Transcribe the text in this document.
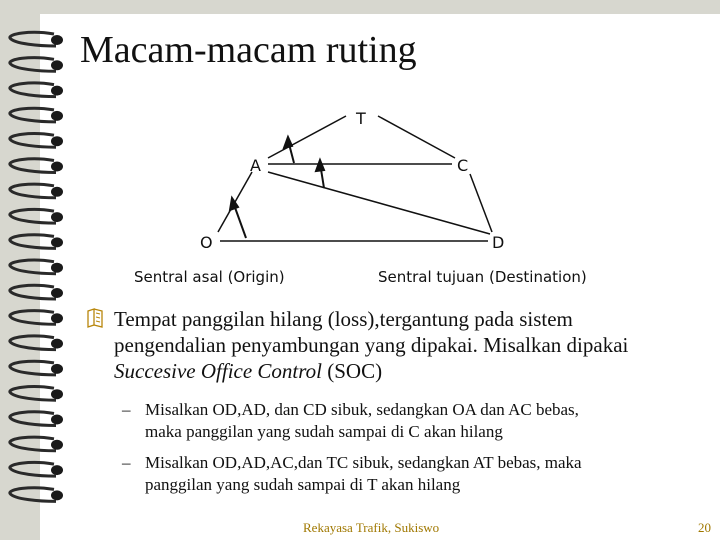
Macam-macam ruting
T
A	C
O	D
Sentral asal (Origin)	Sentral tujuan (Destination)
Tempat panggilan hilang (loss),tergantung pada sistem
pengendalian penyambungan yang dipakai. Misalkan dipakai
Succesive Office Control (SOC)
– Misalkan OD,AD, dan CD sibuk, sedangkan OA dan AC bebas,
maka panggilan yang sudah sampai di C akan hilang
– Misalkan OD,AD,AC,dan TC sibuk, sedangkan AT bebas, maka
panggilan yang sudah sampai di T akan hilang
Rekayasa Trafik, Sukiswo	20
